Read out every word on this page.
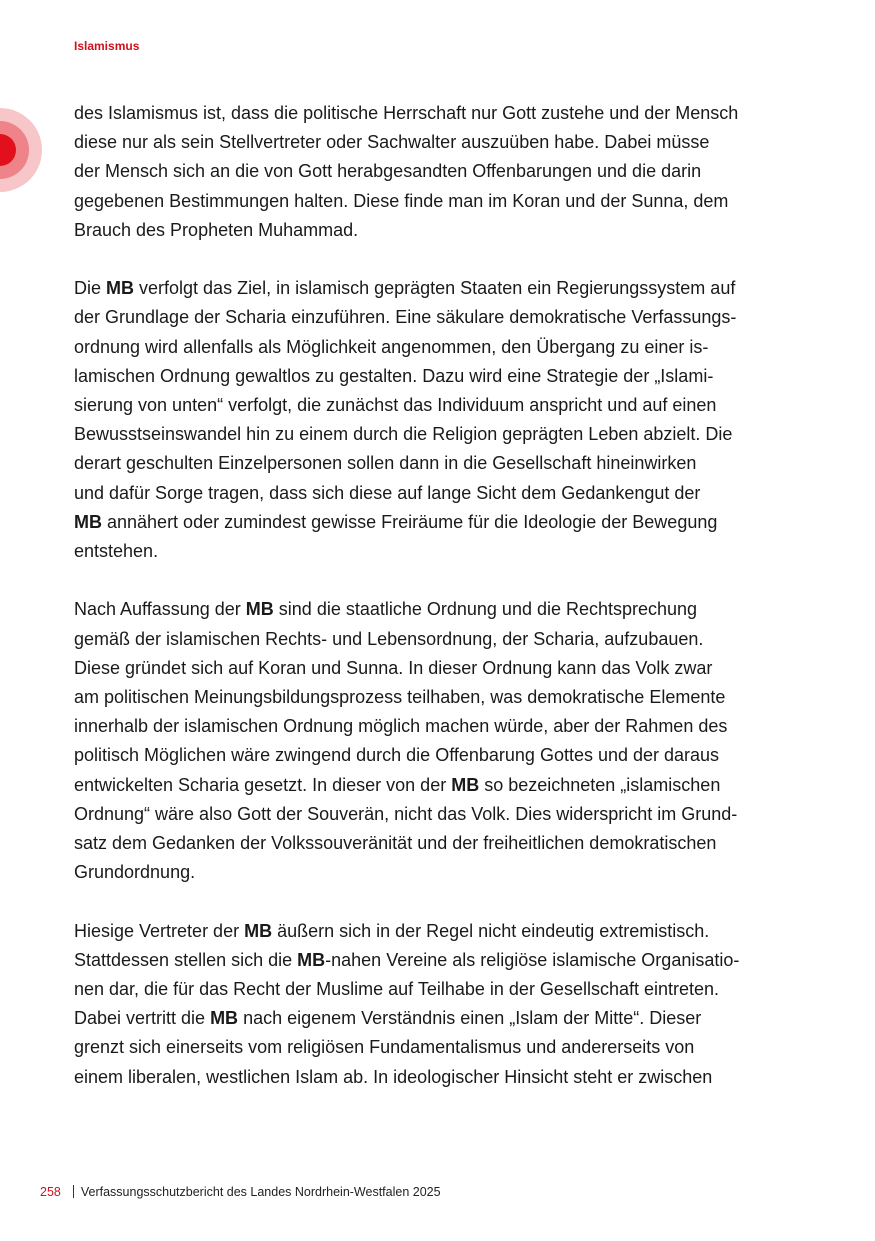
Islamismus

des Islamismus ist, dass die politische Herrschaft nur Gott zustehe und der Mensch
diese nur als sein Stellvertreter oder Sachwalter auszuüben habe. Dabei müsse
der Mensch sich an die von Gott herabgesandten Offenbarungen und die darin
gegebenen Bestimmungen halten. Diese finde man im Koran und der Sunna, dem
Brauch des Propheten Muhammad.

Die MB verfolgt das Ziel, in islamisch geprägten Staaten ein Regierungssystem auf
der Grundlage der Scharia einzuführen. Eine säkulare demokratische Verfassungs-
ordnung wird allenfalls als Möglichkeit angenommen, den Übergang zu einer is-
lamischen Ordnung gewaltlos zu gestalten. Dazu wird eine Strategie der „Islami-
sierung von unten“ verfolgt, die zunächst das Individuum anspricht und auf einen
Bewusstseinswandel hin zu einem durch die Religion geprägten Leben abzielt. Die
derart geschulten Einzelpersonen sollen dann in die Gesellschaft hineinwirken
und dafür Sorge tragen, dass sich diese auf lange Sicht dem Gedankengut der
MB annähert oder zumindest gewisse Freiräume für die Ideologie der Bewegung
entstehen.

Nach Auffassung der MB sind die staatliche Ordnung und die Rechtsprechung
gemäß der islamischen Rechts- und Lebensordnung, der Scharia, aufzubauen.
Diese gründet sich auf Koran und Sunna. In dieser Ordnung kann das Volk zwar
am politischen Meinungsbildungsprozess teilhaben, was demokratische Elemente
innerhalb der islamischen Ordnung möglich machen würde, aber der Rahmen des
politisch Möglichen wäre zwingend durch die Offenbarung Gottes und der daraus
entwickelten Scharia gesetzt. In dieser von der MB so bezeichneten „islamischen
Ordnung“ wäre also Gott der Souverän, nicht das Volk. Dies widerspricht im Grund-
satz dem Gedanken der Volkssouveränität und der freiheitlichen demokratischen
Grundordnung.

Hiesige Vertreter der MB äußern sich in der Regel nicht eindeutig extremistisch.
Stattdessen stellen sich die MB-nahen Vereine als religiöse islamische Organisatio-
nen dar, die für das Recht der Muslime auf Teilhabe in der Gesellschaft eintreten.
Dabei vertritt die MB nach eigenem Verständnis einen „Islam der Mitte“. Dieser
grenzt sich einerseits vom religiösen Fundamentalismus und andererseits von
einem liberalen, westlichen Islam ab. In ideologischer Hinsicht steht er zwischen

258 Verfassungsschutzbericht des Landes Nordrhein-Westfalen 2025
